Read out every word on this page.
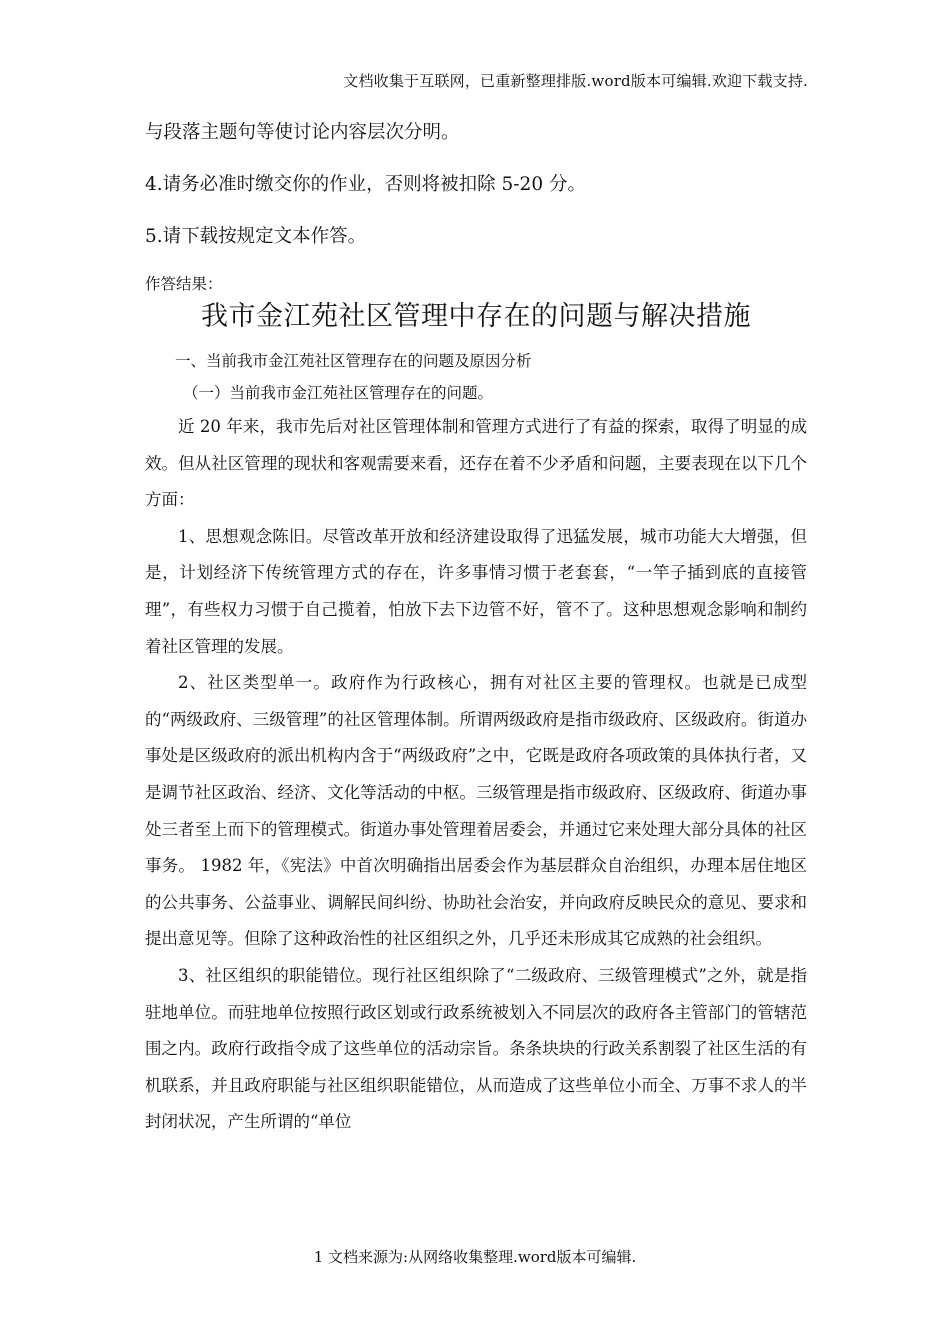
文档收集于互联网，已重新整理排版.word版本可编辑.欢迎下载支持.

与段落主题句等使讨论内容层次分明。

4.请务必准时缴交你的作业，否则将被扣除 5-20 分。

5.请下载按规定文本作答。

作答结果：
我市金江苑社区管理中存在的问题与解决措施
一、当前我市金江苑社区管理存在的问题及原因分析
（一）当前我市金江苑社区管理存在的问题。

近 20 年来，我市先后对社区管理体制和管理方式进行了有益的探索，取得了明显的成效。但从社区管理的现状和客观需要来看，还存在着不少矛盾和问题，主要表现在以下几个方面：

1、思想观念陈旧。尽管改革开放和经济建设取得了迅猛发展，城市功能大大增强，但是，计划经济下传统管理方式的存在，许多事情习惯于老套套，“一竿子插到底的直接管理”，有些权力习惯于自己揽着，怕放下去下边管不好，管不了。这种思想观念影响和制约着社区管理的发展。

2、社区类型单一。政府作为行政核心，拥有对社区主要的管理权。也就是已成型的“两级政府、三级管理”的社区管理体制。所谓两级政府是指市级政府、区级政府。街道办事处是区级政府的派出机构内含于“两级政府”之中，它既是政府各项政策的具体执行者，又是调节社区政治、经济、文化等活动的中枢。三级管理是指市级政府、区级政府、街道办事处三者至上而下的管理模式。街道办事处管理着居委会，并通过它来处理大部分具体的社区事务。 1982 年，《宪法》中首次明确指出居委会作为基层群众自治组织，办理本居住地区的公共事务、公益事业、调解民间纠纷、协助社会治安，并向政府反映民众的意见、要求和提出意见等。但除了这种政治性的社区组织之外，几乎还未形成其它成熟的社会组织。

3、社区组织的职能错位。现行社区组织除了“二级政府、三级管理模式”之外，就是指驻地单位。而驻地单位按照行政区划或行政系统被划入不同层次的政府各主管部门的管辖范围之内。政府行政指令成了这些单位的活动宗旨。条条块块的行政关系割裂了社区生活的有机联系，并且政府职能与社区组织职能错位，从而造成了这些单位小而全、万事不求人的半封闭状况，产生所谓的“单位

1 文档来源为:从网络收集整理.word版本可编辑.
